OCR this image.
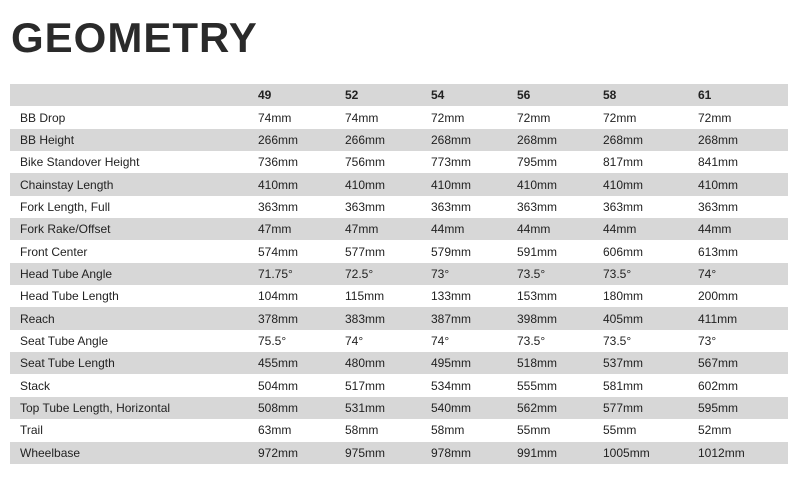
GEOMETRY
	49	52	54	56	58	61
BB Drop	74mm	74mm	72mm	72mm	72mm	72mm
BB Height	266mm	266mm	268mm	268mm	268mm	268mm
Bike Standover Height	736mm	756mm	773mm	795mm	817mm	841mm
Chainstay Length	410mm	410mm	410mm	410mm	410mm	410mm
Fork Length, Full	363mm	363mm	363mm	363mm	363mm	363mm
Fork Rake/Offset	47mm	47mm	44mm	44mm	44mm	44mm
Front Center	574mm	577mm	579mm	591mm	606mm	613mm
Head Tube Angle	71.75°	72.5°	73°	73.5°	73.5°	74°
Head Tube Length	104mm	115mm	133mm	153mm	180mm	200mm
Reach	378mm	383mm	387mm	398mm	405mm	411mm
Seat Tube Angle	75.5°	74°	74°	73.5°	73.5°	73°
Seat Tube Length	455mm	480mm	495mm	518mm	537mm	567mm
Stack	504mm	517mm	534mm	555mm	581mm	602mm
Top Tube Length, Horizontal	508mm	531mm	540mm	562mm	577mm	595mm
Trail	63mm	58mm	58mm	55mm	55mm	52mm
Wheelbase	972mm	975mm	978mm	991mm	1005mm	1012mm
